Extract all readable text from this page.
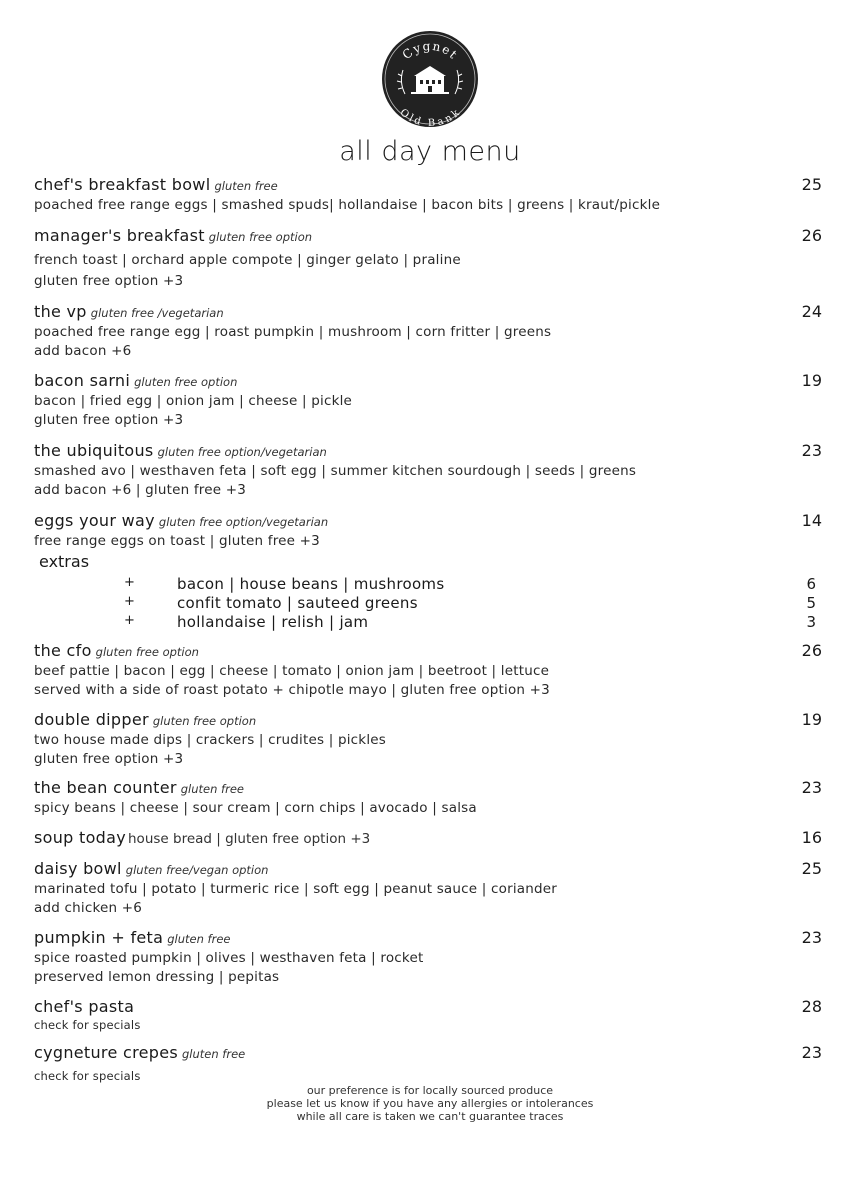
Cygnet
Old Bank
all day menu
chef's breakfast bowl gluten free	25
poached free range eggs | smashed spuds| hollandaise | bacon bits | greens | kraut/pickle
manager's breakfast gluten free option	26
french toast | orchard apple compote | ginger gelato | praline
gluten free option +3
the vp gluten free /vegetarian	24
poached free range egg | roast pumpkin | mushroom | corn fritter | greens
add bacon +6
bacon sarni gluten free option	19
bacon | fried egg | onion jam | cheese | pickle
gluten free option +3
the ubiquitous gluten free option/vegetarian	23
smashed avo | westhaven feta | soft egg | summer kitchen sourdough | seeds | greens
add bacon +6 | gluten free +3
eggs your way gluten free option/vegetarian	14
free range eggs on toast | gluten free +3
extras
+	bacon | house beans | mushrooms	6
+	confit tomato | sauteed greens	5
+	hollandaise | relish | jam	3
the cfo gluten free option	26
beef pattie | bacon | egg | cheese | tomato | onion jam | beetroot | lettuce
served with a side of roast potato + chipotle mayo | gluten free option +3
double dipper gluten free option	19
two house made dips | crackers | crudites | pickles
gluten free option +3
the bean counter gluten free	23
spicy beans | cheese | sour cream | corn chips | avocado | salsa
soup today house bread | gluten free option +3	16
daisy bowl gluten free/vegan option	25
marinated tofu | potato | turmeric rice | soft egg | peanut sauce | coriander
add chicken +6
pumpkin + feta gluten free	23
spice roasted pumpkin | olives | westhaven feta | rocket
preserved lemon dressing | pepitas
chef's pasta	28
check for specials
cygneture crepes gluten free	23
check for specials
our preference is for locally sourced produce
please let us know if you have any allergies or intolerances
while all care is taken we can't guarantee traces
